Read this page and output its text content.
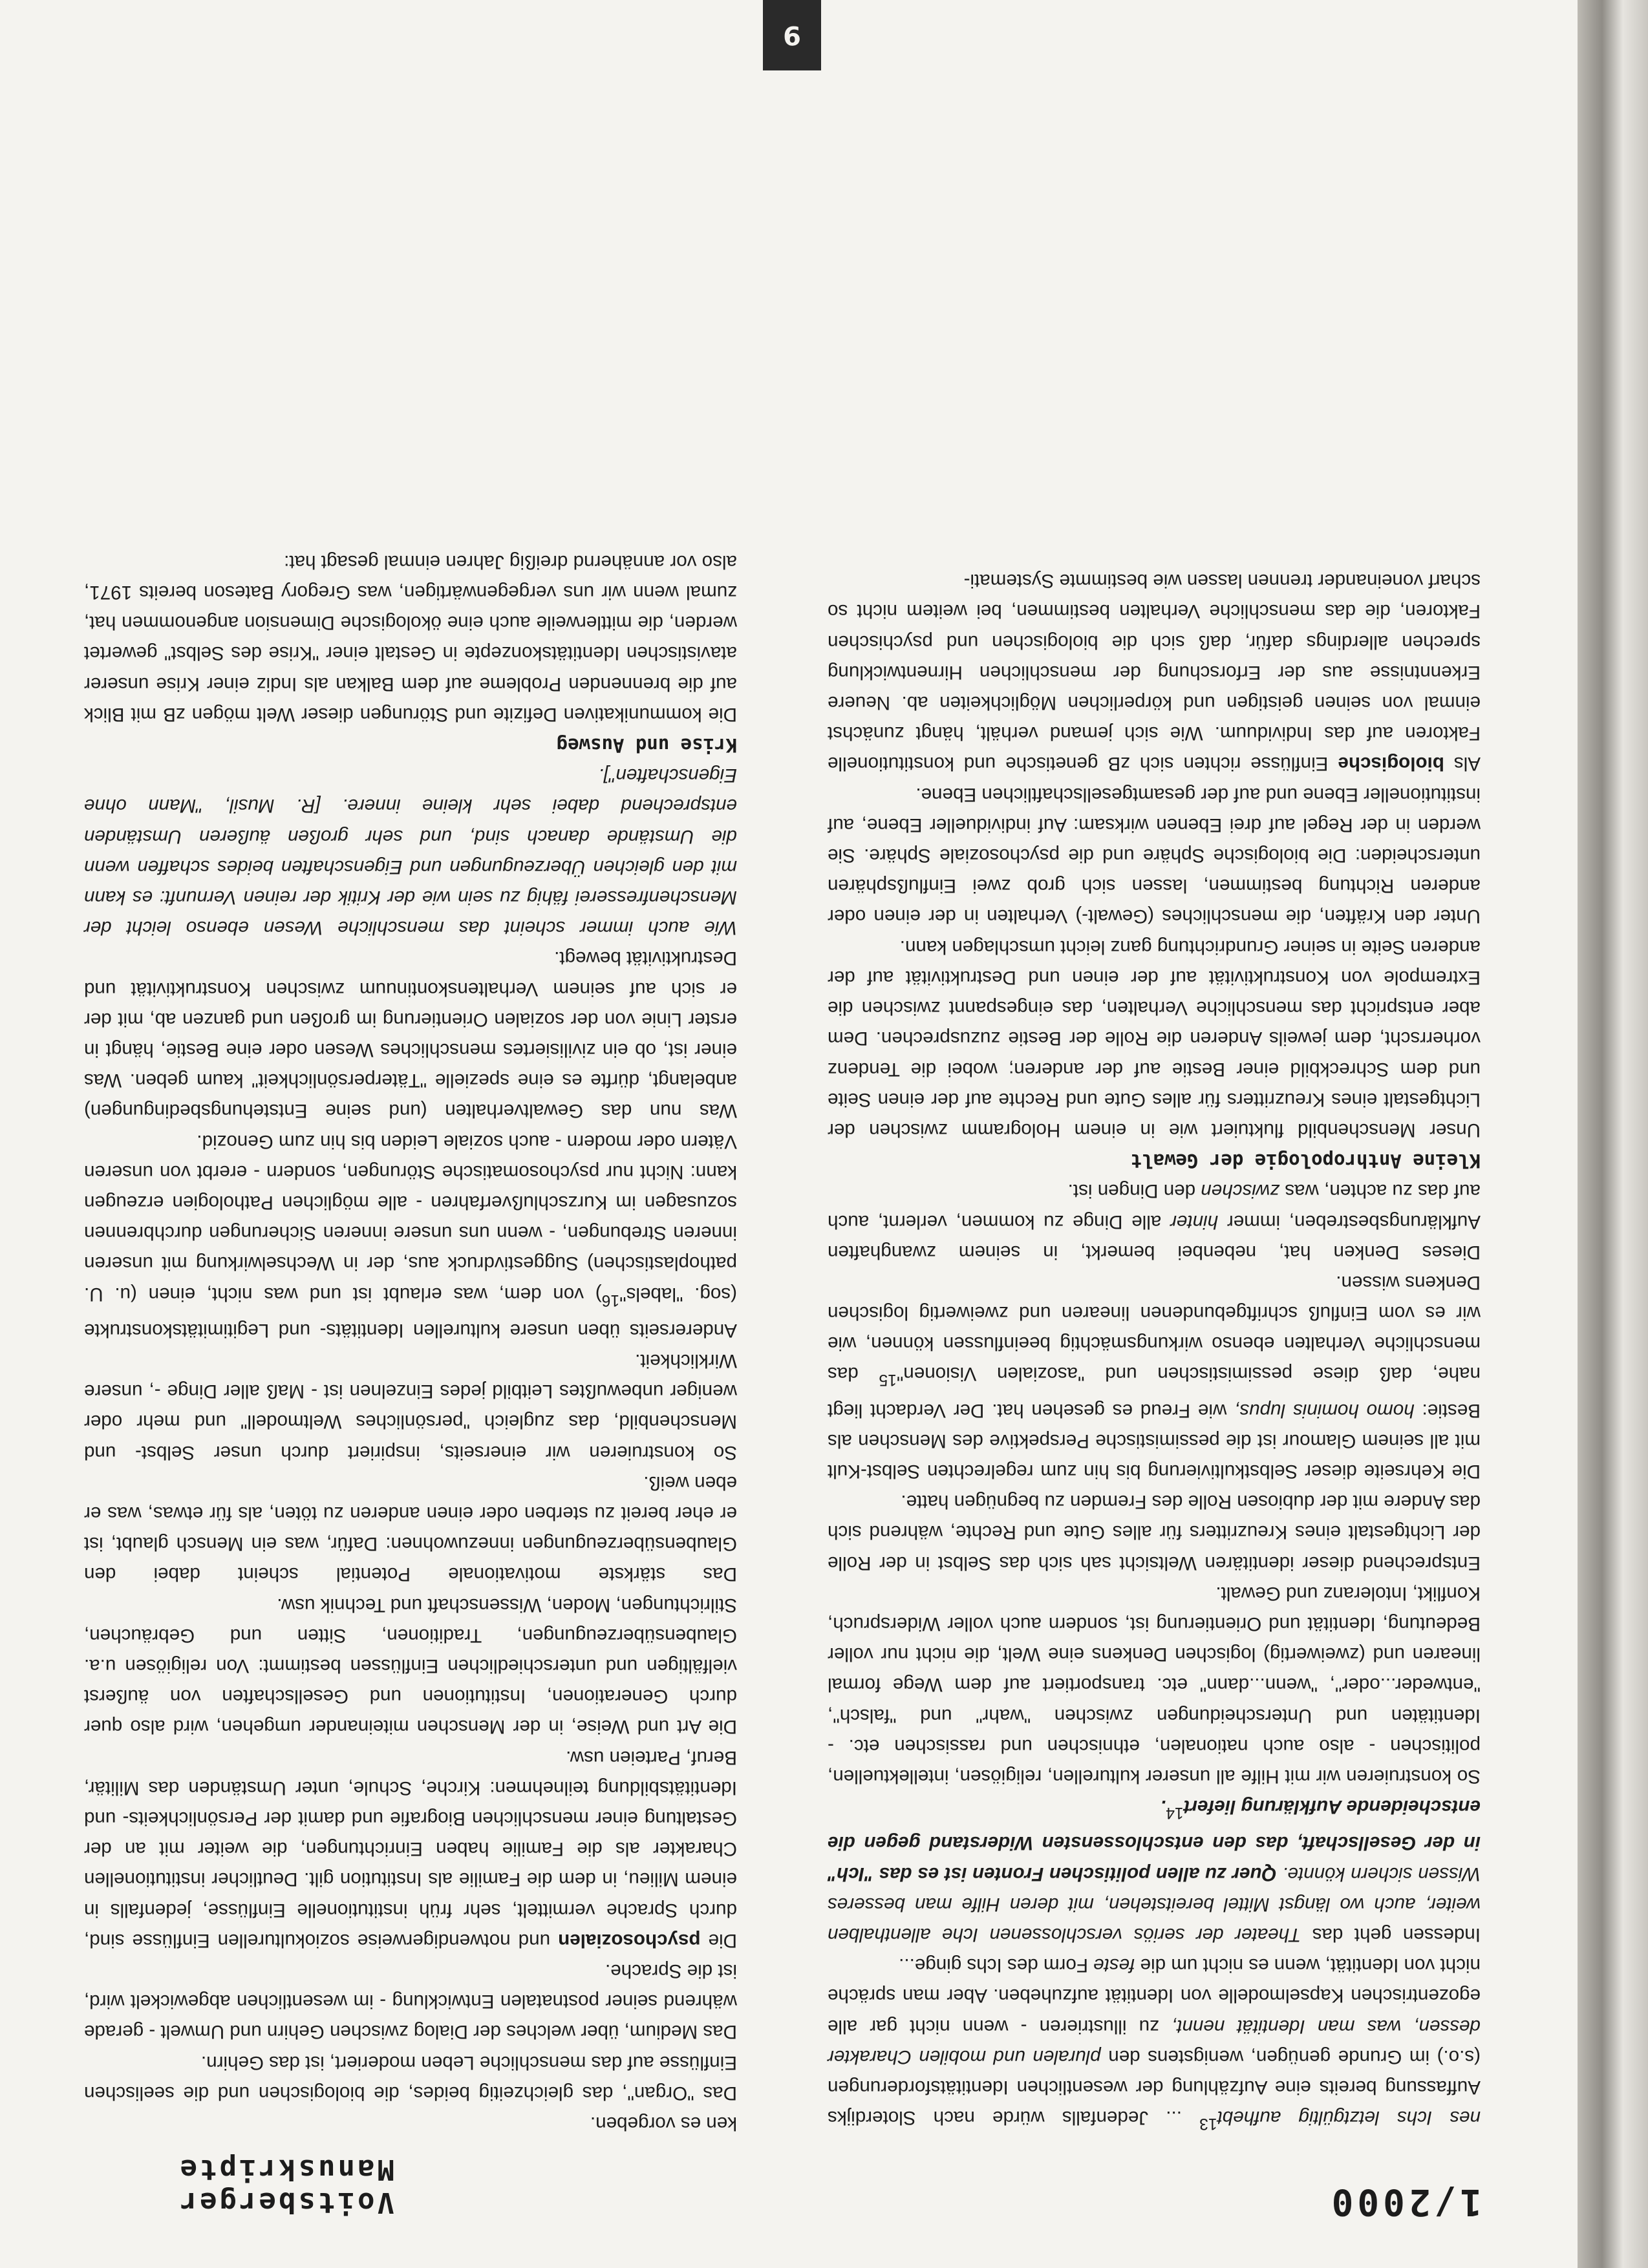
1/2000
Voitsberger Manuskripte
9

nes Ichs letztgültig aufhebt$^{13}$ ... Jedenfalls würde nach Sloterdijks Auffassung bereits eine Aufzählung der wesentlichen Identitätsforderungen (s.o.) im Grunde genügen, wenigstens den pluralen und mobilen Charakter dessen, was man Identität nennt, zu illustrieren - wenn nicht gar alle egozentrischen Kapselmodelle von Identität aufzuheben. Aber man spräche nicht von Identität, wenn es nicht um die feste Form des Ichs ginge...

Indessen geht das Theater der seriös verschlossenen Iche allenthalben weiter, auch wo längst Mittel bereitstehen, mit deren Hilfe man besseres Wissen sichern könnte. Quer zu allen politischen Fronten ist es das "Ich" in der Gesellschaft, das den entschlossensten Widerstand gegen die entscheidende Aufklärung liefert$^{14}$.

So konstruieren wir mit Hilfe all unserer kulturellen, religiösen, intellektuellen, politischen - also auch nationalen, ethnischen und rassischen etc. - Identitäten und Unterscheidungen zwischen "wahr" und "falsch", "entweder...oder", "wenn...dann" etc. transportiert auf dem Wege formal linearen und (zweiwertig) logischen Denkens eine Welt, die nicht nur voller Bedeutung, Identität und Orientierung ist, sondern auch voller Widerspruch, Konflikt, Intoleranz und Gewalt.

Entsprechend dieser identitären Weltsicht sah sich das Selbst in der Rolle der Lichtgestalt eines Kreuzritters für alles Gute und Rechte, während sich das Andere mit der dubiosen Rolle des Fremden zu begnügen hatte.

Die Kehrseite dieser Selbstkultivierung bis hin zum regelrechten Selbst-Kult mit all seinem Glamour ist die pessimistische Perspektive des Menschen als Bestie: homo hominis lupus, wie Freud es gesehen hat. Der Verdacht liegt nahe, daß diese pessimistischen und "asozialen Visionen"$^{15}$ das menschliche Verhalten ebenso wirkungsmächtig beeinflussen können, wie wir es vom Einfluß schriftgebundenen linearen und zweiwertig logischen Denkens wissen.

Dieses Denken hat, nebenbei bemerkt, in seinem zwanghaften Aufklärungsbestreben, immer hinter alle Dinge zu kommen, verlernt, auch auf das zu achten, was zwischen den Dingen ist.

Kleine Anthropologie der Gewalt

Unser Menschenbild fluktuiert wie in einem Hologramm zwischen der Lichtgestalt eines Kreuzritters für alles Gute und Rechte auf der einen Seite und dem Schreckbild einer Bestie auf der anderen; wobei die Tendenz vorherrscht, dem jeweils Anderen die Rolle der Bestie zuzusprechen. Dem aber entspricht das menschliche Verhalten, das eingespannt zwischen die Extrempole von Konstruktivität auf der einen und Destruktivität auf der anderen Seite in seiner Grundrichtung ganz leicht umschlagen kann.

Unter den Kräften, die menschliches (Gewalt-) Verhalten in der einen oder anderen Richtung bestimmen, lassen sich grob zwei Einflußsphären unterscheiden: Die biologische Sphäre und die psychosoziale Sphäre. Sie werden in der Regel auf drei Ebenen wirksam: Auf individueller Ebene, auf institutioneller Ebene und auf der gesamtgesellschaftlichen Ebene.

Als biologische Einflüsse richten sich zB genetische und konstitutionelle Faktoren auf das Individuum. Wie sich jemand verhält, hängt zunächst einmal von seinen geistigen und körperlichen Möglichkeiten ab. Neuere Erkenntnisse aus der Erforschung der menschlichen Hirnentwicklung sprechen allerdings dafür, daß sich die biologischen und psychischen Faktoren, die das menschliche Verhalten bestimmen, bei weitem nicht so scharf voneinander trennen lassen wie bestimmte Systemati-

ken es vorgeben.

Das "Organ", das gleichzeitig beides, die biologischen und die seelischen Einflüsse auf das menschliche Leben moderiert, ist das Gehirn.

Das Medium, über welches der Dialog zwischen Gehirn und Umwelt - gerade während seiner postnatalen Entwicklung - im wesentlichen abgewickelt wird, ist die Sprache.

Die psychosozialen und notwendigerweise soziokulturellen Einflüsse sind, durch Sprache vermittelt, sehr früh institutionelle Einflüsse, jedenfalls in einem Milieu, in dem die Familie als Institution gilt. Deutlicher institutionellen Charakter als die Familie haben Einrichtungen, die weiter mit an der Gestaltung einer menschlichen Biografie und damit der Persönlichkeits- und Identitätsbildung teilnehmen: Kirche, Schule, unter Umständen das Militär, Beruf, Parteien usw.

Die Art und Weise, in der Menschen miteinander umgehen, wird also quer durch Generationen, Institutionen und Gesellschaften von äußerst vielfältigen und unterschiedlichen Einflüssen bestimmt: Von religiösen u.a. Glaubensüberzeugungen, Traditionen, Sitten und Gebräuchen, Stilrichtungen, Moden, Wissenschaft und Technik usw.

Das stärkste motivationale Potential scheint dabei den Glaubensüberzeugungen innezuwohnen: Dafür, was ein Mensch glaubt, ist er eher bereit zu sterben oder einen anderen zu töten, als für etwas, was er eben weiß.

So konstruieren wir einerseits, inspiriert durch unser Selbst- und Menschenbild, das zugleich "persönliches Weltmodell" und mehr oder weniger unbewußtes Leitbild jedes Einzelnen ist - Maß aller Dinge -, unsere Wirklichkeit.

Andererseits üben unsere kulturellen Identitäts- und Legitimitätskonstrukte (sog. "labels"$^{16}$) von dem, was erlaubt ist und was nicht, einen (u. U. pathoplastischen) Suggestivdruck aus, der in Wechselwirkung mit unseren inneren Strebungen, - wenn uns unsere inneren Sicherungen durchbrennen sozusagen im Kurzschlußverfahren - alle möglichen Pathologien erzeugen kann: Nicht nur psychosomatische Störungen, sondern - ererbt von unseren Vätern oder modern - auch soziale Leiden bis hin zum Genozid.

Was nun das Gewaltverhalten (und seine Entstehungsbedingungen) anbelangt, dürfte es eine spezielle "Täterpersönlichkeit" kaum geben. Was einer ist, ob ein zivilisiertes menschliches Wesen oder eine Bestie, hängt in erster Linie von der sozialen Orientierung im großen und ganzen ab, mit der er sich auf seinem Verhaltenskontinuum zwischen Konstruktivität und Destruktivität bewegt.

Wie auch immer scheint das menschliche Wesen ebenso leicht der Menschenfresserei fähig zu sein wie der Kritik der reinen Vernunft: es kann mit den gleichen Überzeugungen und Eigenschaften beides schaffen wenn die Umstände danach sind, und sehr großen äußeren Umständen entsprechend dabei sehr kleine innere. [R. Musil, "Mann ohne Eigenschaften"].

Krise und Ausweg

Die kommunikativen Defizite und Störungen dieser Welt mögen zB mit Blick auf die brennenden Probleme auf dem Balkan als Indiz einer Krise unserer atavistischen Identitätskonzepte in Gestalt einer "Krise des Selbst" gewertet werden, die mittlerweile auch eine ökologische Dimension angenommen hat, zumal wenn wir uns vergegenwärtigen, was Gregory Bateson bereits 1971, also vor annähernd dreißig Jahren einmal gesagt hat:
